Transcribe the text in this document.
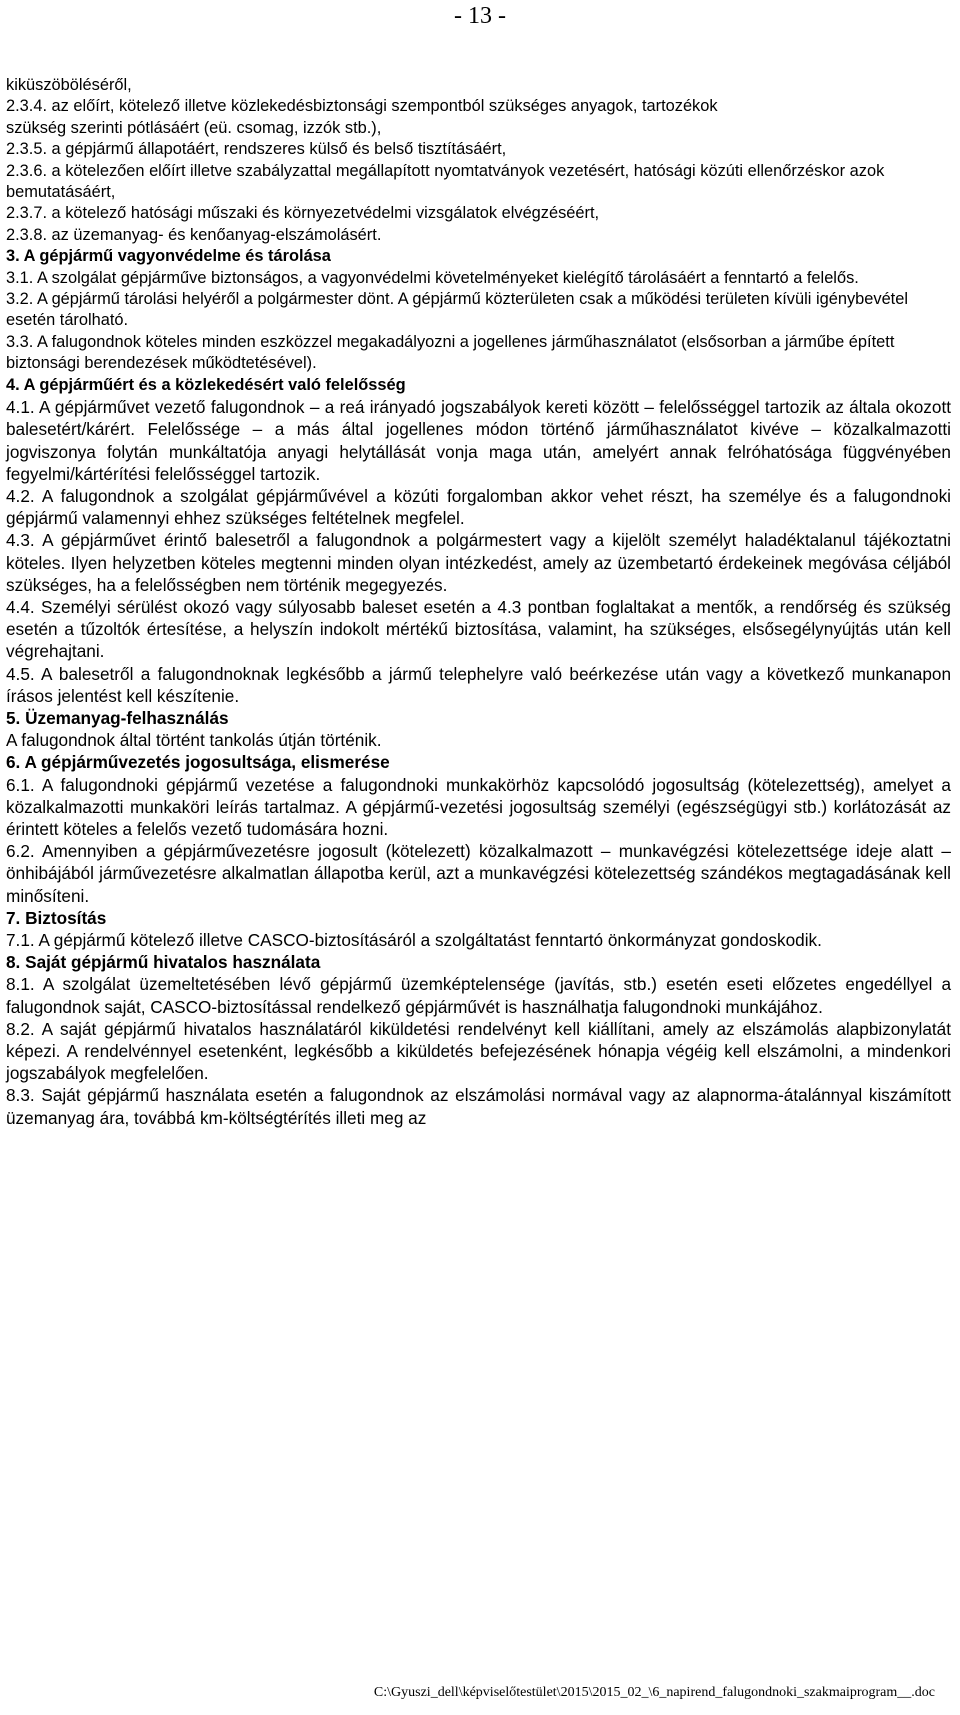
- 13 -

kiküszöböléséről,

2.3.4. az előírt, kötelező illetve közlekedésbiztonsági szempontból szükséges anyagok, tartozékok

szükség szerinti pótlásáért (eü. csomag, izzók stb.),

2.3.5. a gépjármű állapotáért, rendszeres külső és belső tisztításáért,

2.3.6. a kötelezően előírt illetve szabályzattal megállapított nyomtatványok vezetésért, hatósági közúti ellenőrzéskor azok bemutatásáért,

2.3.7. a kötelező hatósági műszaki és környezetvédelmi vizsgálatok elvégzéséért,

2.3.8. az üzemanyag- és kenőanyag-elszámolásért.

3. A gépjármű vagyonvédelme és tárolása

3.1. A szolgálat gépjárműve biztonságos, a vagyonvédelmi követelményeket kielégítő tárolásáért a fenntartó a felelős.

3.2. A gépjármű tárolási helyéről a polgármester dönt. A gépjármű közterületen csak a működési területen kívüli igénybevétel esetén tárolható.

3.3. A falugondnok köteles minden eszközzel megakadályozni a jogellenes járműhasználatot (elsősorban a járműbe épített biztonsági berendezések működtetésével).

4. A gépjárműért és a közlekedésért való felelősség

4.1. A gépjárművet vezető falugondnok – a reá irányadó jogszabályok kereti között – felelősséggel tartozik az általa okozott balesetért/kárért. Felelőssége – a más által jogellenes módon történő járműhasználatot kivéve – közalkalmazotti jogviszonya folytán munkáltatója anyagi helytállását vonja maga után, amelyért annak felróhatósága függvényében fegyelmi/kártérítési felelősséggel tartozik.

4.2. A falugondnok a szolgálat gépjárművével a közúti forgalomban akkor vehet részt, ha személye és a falugondnoki gépjármű valamennyi ehhez szükséges feltételnek megfelel.

4.3. A gépjárművet érintő balesetről a falugondnok a polgármestert vagy a kijelölt személyt haladéktalanul tájékoztatni köteles. Ilyen helyzetben köteles megtenni minden olyan intézkedést, amely az üzembetartó érdekeinek megóvása céljából szükséges, ha a felelősségben nem történik megegyezés.

4.4. Személyi sérülést okozó vagy súlyosabb baleset esetén a 4.3 pontban foglaltakat a mentők, a rendőrség és szükség esetén a tűzoltók értesítése, a helyszín indokolt mértékű biztosítása, valamint, ha szükséges, elsősegélynyújtás után kell végrehajtani.

4.5. A balesetről a falugondnoknak legkésőbb a jármű telephelyre való beérkezése után vagy a következő munkanapon írásos jelentést kell készítenie.

5. Üzemanyag-felhasználás

A falugondnok által történt tankolás útján történik.

6. A gépjárművezetés jogosultsága, elismerése

6.1. A falugondnoki gépjármű vezetése a falugondnoki munkakörhöz kapcsolódó jogosultság (kötelezettség), amelyet a közalkalmazotti munkaköri leírás tartalmaz. A gépjármű-vezetési jogosultság személyi (egészségügyi stb.) korlátozását az érintett köteles a felelős vezető tudomására hozni.

6.2. Amennyiben a gépjárművezetésre jogosult (kötelezett) közalkalmazott – munkavégzési kötelezettsége ideje alatt – önhibájából járművezetésre alkalmatlan állapotba kerül, azt a munkavégzési kötelezettség szándékos megtagadásának kell minősíteni.

7. Biztosítás

7.1. A gépjármű kötelező illetve CASCO-biztosításáról a szolgáltatást fenntartó önkormányzat gondoskodik.

8. Saját gépjármű hivatalos használata

8.1. A szolgálat üzemeltetésében lévő gépjármű üzemképtelensége (javítás, stb.) esetén eseti előzetes engedéllyel a falugondnok saját, CASCO-biztosítással rendelkező gépjárművét is használhatja falugondnoki munkájához.

8.2. A saját gépjármű hivatalos használatáról kiküldetési rendelvényt kell kiállítani, amely az elszámolás alapbizonylatát képezi. A rendelvénnyel esetenként, legkésőbb a kiküldetés befejezésének hónapja végéig kell elszámolni, a mindenkori jogszabályok megfelelően.

8.3. Saját gépjármű használata esetén a falugondnok az elszámolási normával vagy az alapnorma-átalánnyal kiszámított üzemanyag ára, továbbá km-költségtérítés illeti meg az

C:\Gyuszi_dell\képviselőtestület\2015\2015_02_\6_napirend_falugondnoki_szakmaiprogram__.doc
